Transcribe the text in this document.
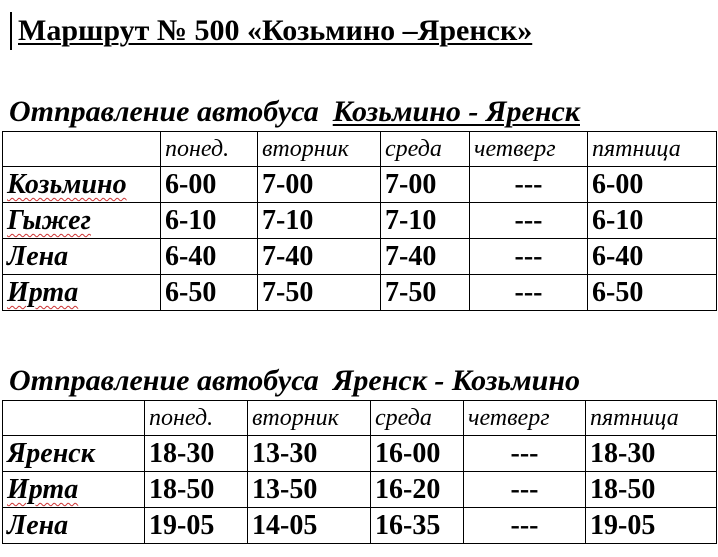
Маршрут № 500 «Козьмино –Яренск»
Отправление автобуса Козьмино - Яренск
	понед.	вторник	среда	четверг	пятница
Козьмино	6-00	7-00	7-00	---	6-00
Гыжег	6-10	7-10	7-10	---	6-10
Лена	6-40	7-40	7-40	---	6-40
Ирта	6-50	7-50	7-50	---	6-50
Отправление автобуса Яренск - Козьмино
	понед.	вторник	среда	четверг	пятница
Яренск	18-30	13-30	16-00	---	18-30
Ирта	18-50	13-50	16-20	---	18-50
Лена	19-05	14-05	16-35	---	19-05
